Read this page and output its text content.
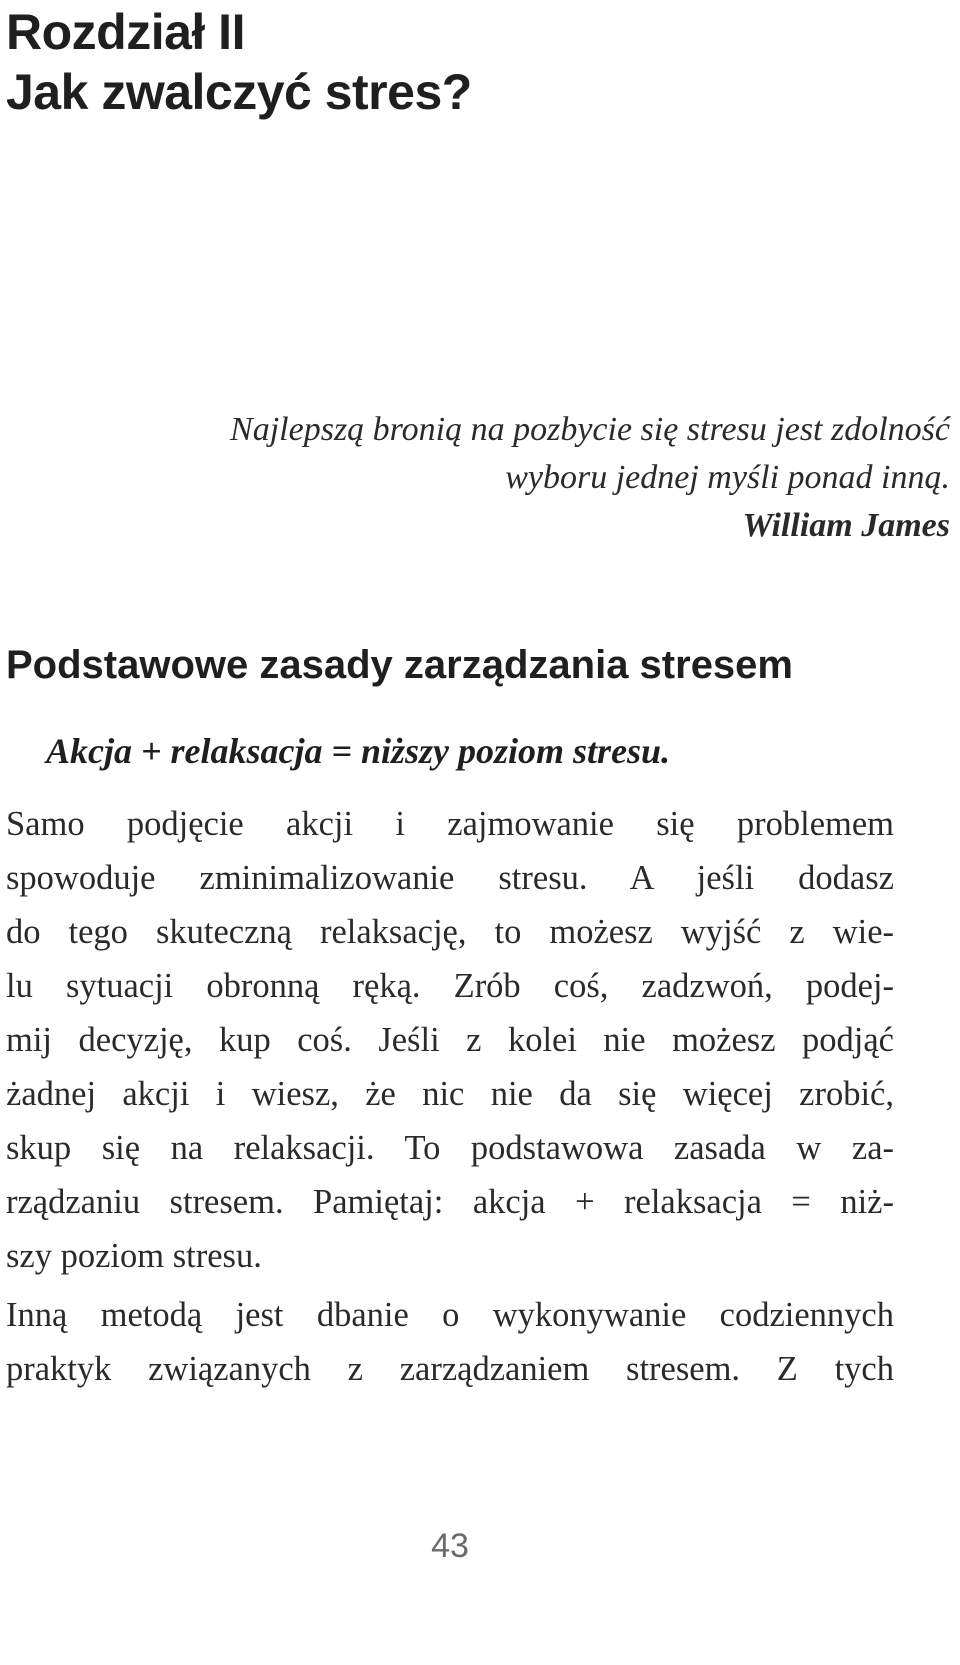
Rozdział II
Jak zwalczyć stres?
Najlepszą bronią na pozbycie się stresu jest zdolność
wyboru jednej myśli ponad inną.
William James
Podstawowe zasady zarządzania stresem
Akcja + relaksacja = niższy poziom stresu.
Samo podjęcie akcji i zajmowanie się problemem
spowoduje zminimalizowanie stresu. A jeśli dodasz
do tego skuteczną relaksację, to możesz wyjść z wie-
lu sytuacji obronną ręką. Zrób coś, zadzwoń, podej-
mij decyzję, kup coś. Jeśli z kolei nie możesz podjąć
żadnej akcji i wiesz, że nic nie da się więcej zrobić,
skup się na relaksacji. To podstawowa zasada w za-
rządzaniu stresem. Pamiętaj: akcja + relaksacja = niż-
szy poziom stresu.
Inną metodą jest dbanie o wykonywanie codziennych
praktyk związanych z zarządzaniem stresem. Z tych
43
